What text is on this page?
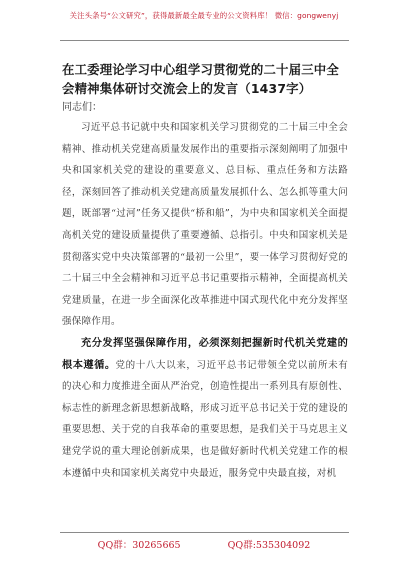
关注头条号“公文研究”，获得最新最全最专业的公文资料库！ 微信：gongwenyj
在工委理论学习中心组学习贯彻党的二十届三中全会精神集体研讨交流会上的发言（1437字）
同志们：

习近平总书记就中央和国家机关学习贯彻党的二十届三中全会精神、推动机关党建高质量发展作出的重要指示深刻阐明了加强中央和国家机关党的建设的重要意义、总目标、重点任务和方法路径，深刻回答了推动机关党建高质量发展抓什么、怎么抓等重大问题，既部署“过河”任务又提供“桥和船”，为中央和国家机关全面提高机关党的建设质量提供了重要遵循、总指引。中央和国家机关是贯彻落实党中央决策部署的“最初一公里”，要一体学习贯彻好党的二十届三中全会精神和习近平总书记重要指示精神，全面提高机关党建质量，在进一步全面深化改革推进中国式现代化中充分发挥坚强保障作用。

充分发挥坚强保障作用，必须深刻把握新时代机关党建的根本遵循。党的十八大以来，习近平总书记带领全党以前所未有的决心和力度推进全面从严治党，创造性提出一系列具有原创性、标志性的新理念新思想新战略，形成习近平总书记关于党的建设的重要思想、关于党的自我革命的重要思想，是我们关于马克思主义建党学说的重大理论创新成果，也是做好新时代机关党建工作的根本遵循中央和国家机关离党中央最近，服务党中央最直接，对机

QQ群：30265665	QQ群:535304092
